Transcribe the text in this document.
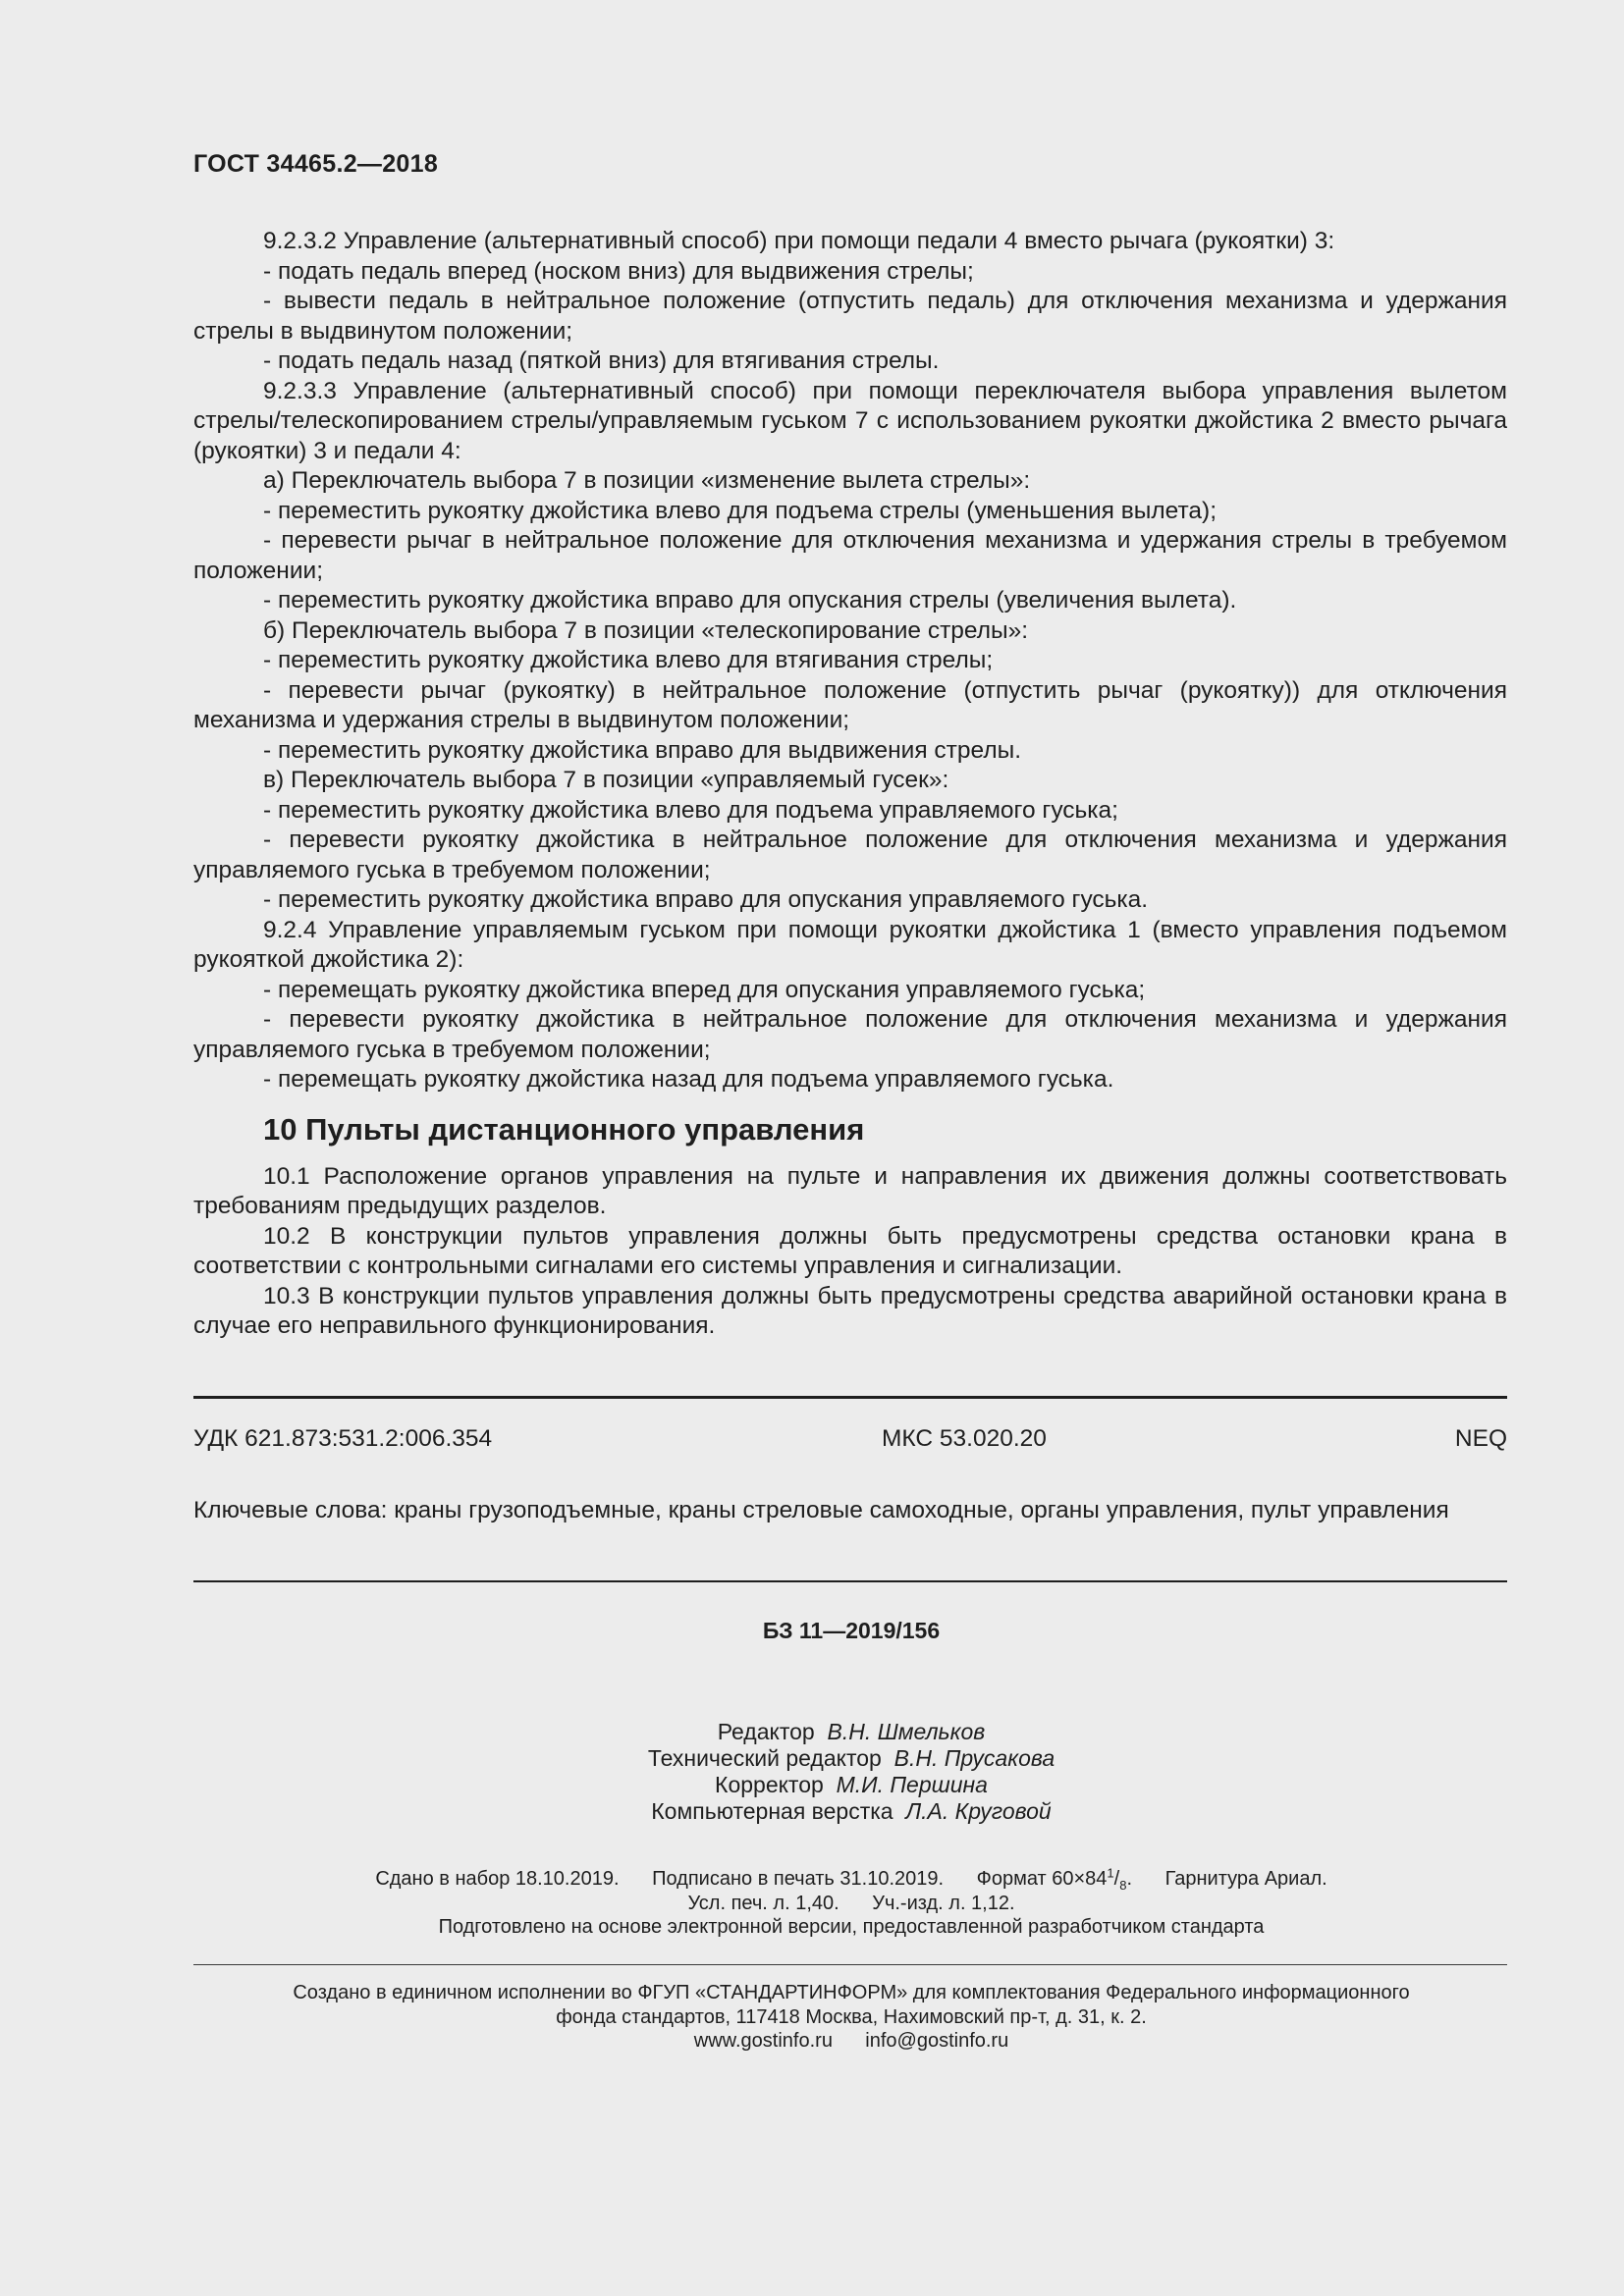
ГОСТ 34465.2—2018

9.2.3.2 Управление (альтернативный способ) при помощи педали 4 вместо рычага (рукоятки) 3:

- подать педаль вперед (носком вниз) для выдвижения стрелы;

- вывести педаль в нейтральное положение (отпустить педаль) для отключения механизма и удержания стрелы в выдвинутом положении;

- подать педаль назад (пяткой вниз) для втягивания стрелы.

9.2.3.3 Управление (альтернативный способ) при помощи переключателя выбора управления вылетом стрелы/телескопированием стрелы/управляемым гуськом 7 с использованием рукоятки джойстика 2 вместо рычага (рукоятки) 3 и педали 4:

а) Переключатель выбора 7 в позиции «изменение вылета стрелы»:

- переместить рукоятку джойстика влево для подъема стрелы (уменьшения вылета);

- перевести рычаг в нейтральное положение для отключения механизма и удержания стрелы в требуемом положении;

- переместить рукоятку джойстика вправо для опускания стрелы (увеличения вылета).

б) Переключатель выбора 7 в позиции «телескопирование стрелы»:

- переместить рукоятку джойстика влево для втягивания стрелы;

- перевести рычаг (рукоятку) в нейтральное положение (отпустить рычаг (рукоятку)) для отключения механизма и удержания стрелы в выдвинутом положении;

- переместить рукоятку джойстика вправо для выдвижения стрелы.

в) Переключатель выбора 7 в позиции «управляемый гусек»:

- переместить рукоятку джойстика влево для подъема управляемого гуська;

- перевести рукоятку джойстика в нейтральное положение для отключения механизма и удержания управляемого гуська в требуемом положении;

- переместить рукоятку джойстика вправо для опускания управляемого гуська.

9.2.4 Управление управляемым гуськом при помощи рукоятки джойстика 1 (вместо управления подъемом рукояткой джойстика 2):

- перемещать рукоятку джойстика вперед для опускания управляемого гуська;

- перевести рукоятку джойстика в нейтральное положение для отключения механизма и удержания управляемого гуська в требуемом положении;

- перемещать рукоятку джойстика назад для подъема управляемого гуська.

10 Пульты дистанционного управления

10.1 Расположение органов управления на пульте и направления их движения должны соответствовать требованиям предыдущих разделов.

10.2 В конструкции пультов управления должны быть предусмотрены средства остановки крана в соответствии с контрольными сигналами его системы управления и сигнализации.

10.3 В конструкции пультов управления должны быть предусмотрены средства аварийной остановки крана в случае его неправильного функционирования.

УДК 621.873:531.2:006.354	МКС 53.020.20	NEQ

Ключевые слова: краны грузоподъемные, краны стреловые самоходные, органы управления, пульт управления

БЗ 11—2019/156
Редактор В.Н. Шмельков
Технический редактор В.Н. Прусакова
Корректор М.И. Першина
Компьютерная верстка Л.А. Круговой
Сдано в набор 18.10.2019. Подписано в печать 31.10.2019. Формат $60\times 84^1/_8$. Гарнитура Ариал.
Усл. печ. л. 1,40. Уч.-изд. л. 1,12.
Подготовлено на основе электронной версии, предоставленной разработчиком стандарта
Создано в единичном исполнении во ФГУП «СТАНДАРТИНФОРМ» для комплектования Федерального информационного
фонда стандартов, 117418 Москва, Нахимовский пр-т, д. 31, к. 2.
www.gostinfo.ru info@gostinfo.ru
